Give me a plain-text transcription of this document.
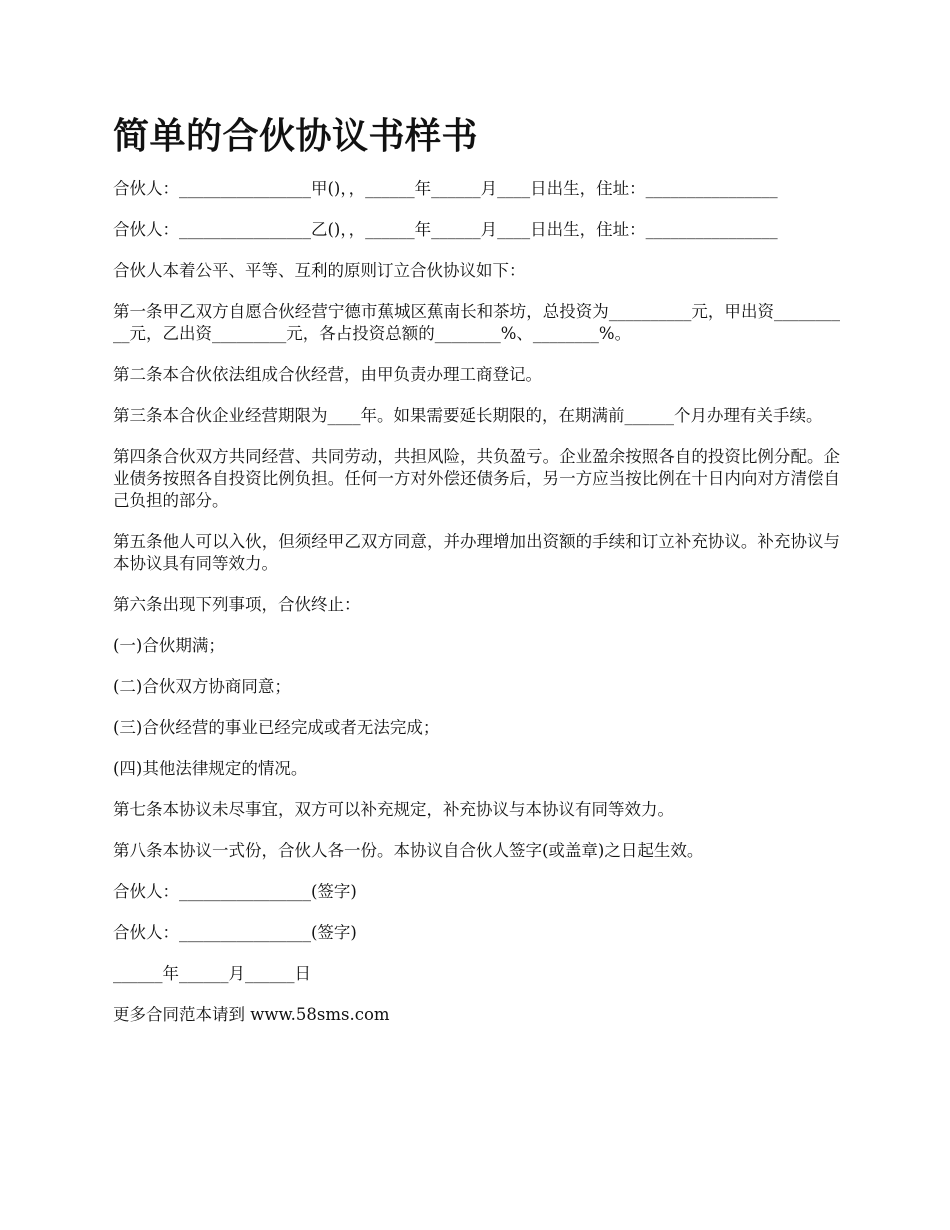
简单的合伙协议书样书

合伙人：________________甲()，，______年______月____日出生，住址：________________

合伙人：________________乙()，，______年______月____日出生，住址：________________

合伙人本着公平、平等、互利的原则订立合伙协议如下：

第一条甲乙双方自愿合伙经营宁德市蕉城区蕉南长和茶坊，总投资为__________元，甲出资__________元，乙出资_________元，各占投资总额的________%、________%。

第二条本合伙依法组成合伙经营，由甲负责办理工商登记。

第三条本合伙企业经营期限为____年。如果需要延长期限的，在期满前______个月办理有关手续。

第四条合伙双方共同经营、共同劳动，共担风险，共负盈亏。企业盈余按照各自的投资比例分配。企业债务按照各自投资比例负担。任何一方对外偿还债务后，另一方应当按比例在十日内向对方清偿自己负担的部分。

第五条他人可以入伙，但须经甲乙双方同意，并办理增加出资额的手续和订立补充协议。补充协议与本协议具有同等效力。

第六条出现下列事项，合伙终止：

(一)合伙期满；

(二)合伙双方协商同意；

(三)合伙经营的事业已经完成或者无法完成；

(四)其他法律规定的情况。

第七条本协议未尽事宜，双方可以补充规定，补充协议与本协议有同等效力。

第八条本协议一式份，合伙人各一份。本协议自合伙人签字(或盖章)之日起生效。

合伙人：________________(签字)

合伙人：________________(签字)

______年______月______日

更多合同范本请到 www.58sms.com
